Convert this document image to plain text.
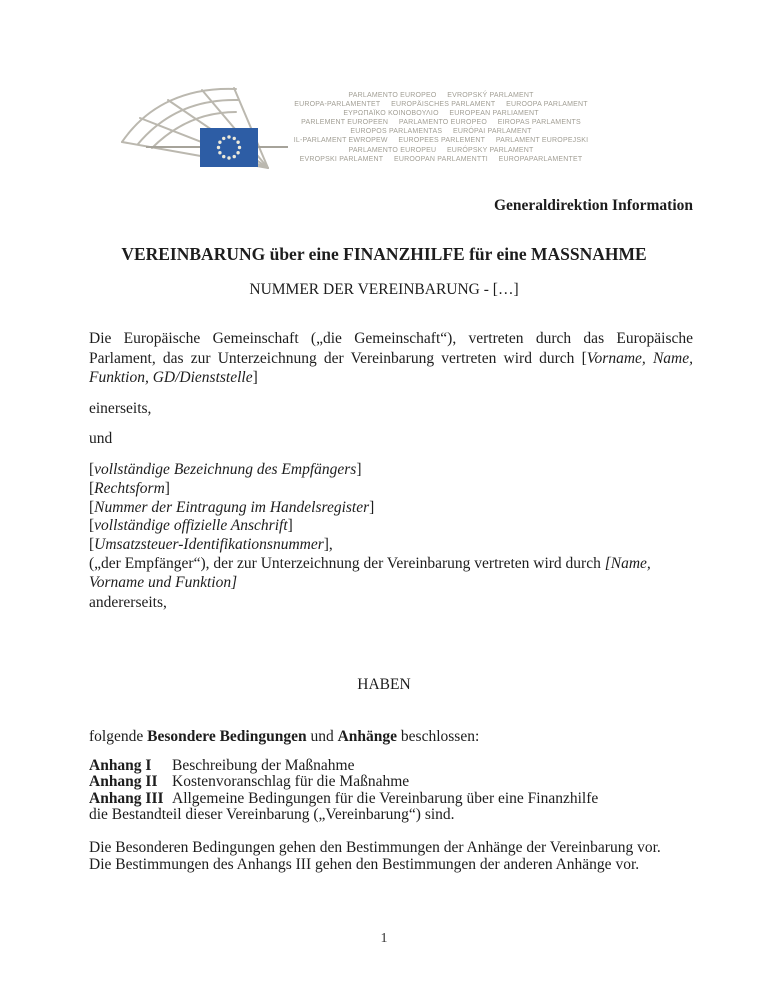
PARLAMENTO EUROPEO     EVROPSKÝ PARLAMENT
EUROPA-PARLAMENTET     EUROPÄISCHES PARLAMENT     EUROOPA PARLAMENT
ΕΥΡΩΠΑΪΚΟ ΚΟΙΝΟΒΟΥΛΙΟ     EUROPEAN PARLIAMENT
PARLEMENT EUROPEEN     PARLAMENTO EUROPEO     EIROPAS PARLAMENTS
EUROPOS PARLAMENTAS     EURÓPAI PARLAMENT
IL-PARLAMENT EWROPEW     EUROPEES PARLEMENT     PARLAMENT EUROPEJSKI
PARLAMENTO EUROPEU     EURÓPSKY PARLAMENT
EVROPSKI PARLAMENT     EUROOPAN PARLAMENTTI     EUROPAPARLAMENTET
Generaldirektion Information
VEREINBARUNG über eine FINANZHILFE für eine MASSNAHME
NUMMER DER VEREINBARUNG - […]
Die Europäische Gemeinschaft („die Gemeinschaft“), vertreten durch das Europäische Parlament, das zur Unterzeichnung der Vereinbarung vertreten wird durch [Vorname, Name, Funktion, GD/Dienststelle]
einerseits,
und
[vollständige Bezeichnung des Empfängers]
[Rechtsform]
[Nummer der Eintragung im Handelsregister]
[vollständige offizielle Anschrift]
[Umsatzsteuer-Identifikationsnummer],
(„der Empfänger“), der zur Unterzeichnung der Vereinbarung vertreten wird durch [Name, Vorname und Funktion]
andererseits,
HABEN
folgende Besondere Bedingungen und Anhänge beschlossen:
Anhang I Beschreibung der Maßnahme
Anhang II Kostenvoranschlag für die Maßnahme
Anhang III Allgemeine Bedingungen für die Vereinbarung über eine Finanzhilfe
die Bestandteil dieser Vereinbarung („Vereinbarung“) sind.
Die Besonderen Bedingungen gehen den Bestimmungen der Anhänge der Vereinbarung vor.
Die Bestimmungen des Anhangs III gehen den Bestimmungen der anderen Anhänge vor.
1
